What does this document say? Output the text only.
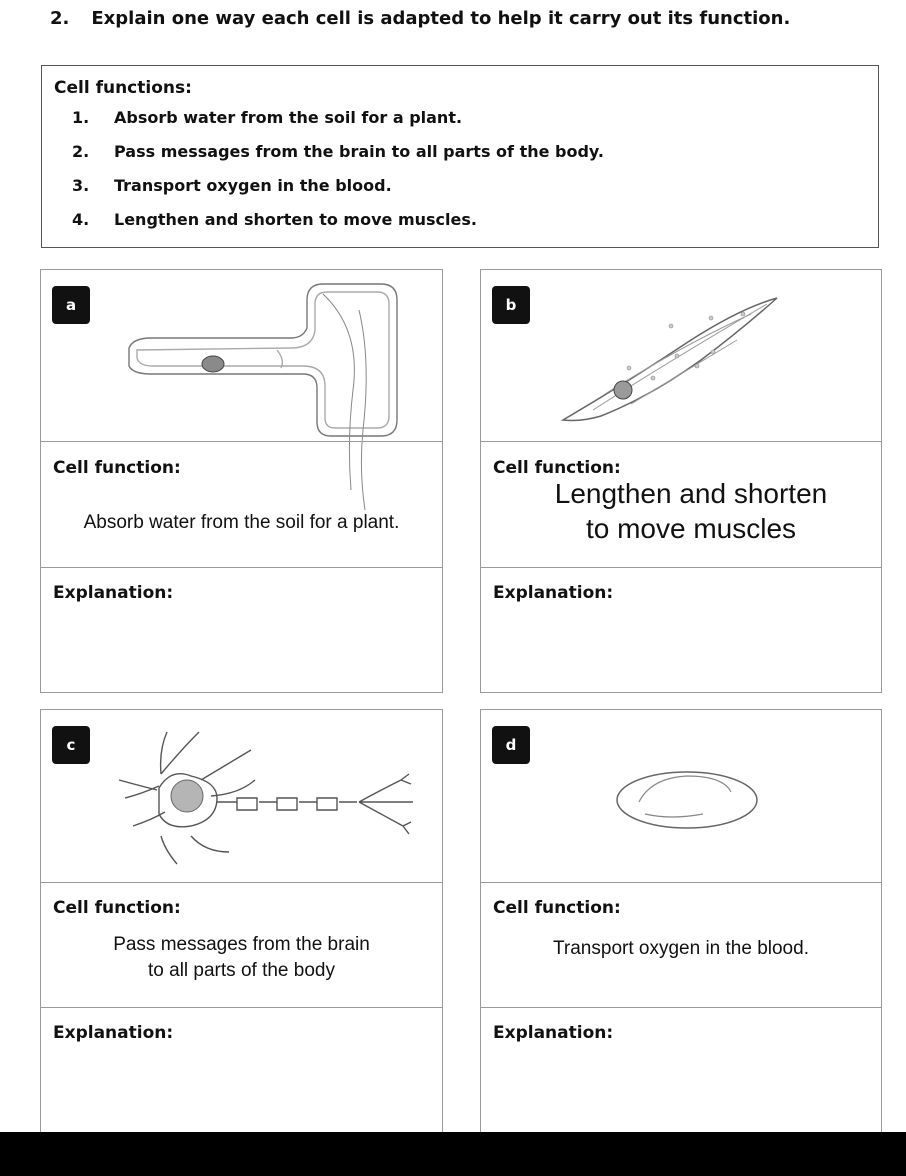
2. Explain one way each cell is adapted to help it carry out its function.
Cell functions:
1.	Absorb water from the soil for a plant.
2.	Pass messages from the brain to all parts of the body.
3.	Transport oxygen in the blood.
4.	Lengthen and shorten to move muscles.
a
Cell function:
Absorb water from the soil for a plant.
Explanation:
b
Cell function:
Lengthen and shorten to move muscles
Explanation:
c
Cell function:
Pass messages from the brain to all parts of the body
Explanation:
d
Cell function:
Transport oxygen in the blood.
Explanation:
